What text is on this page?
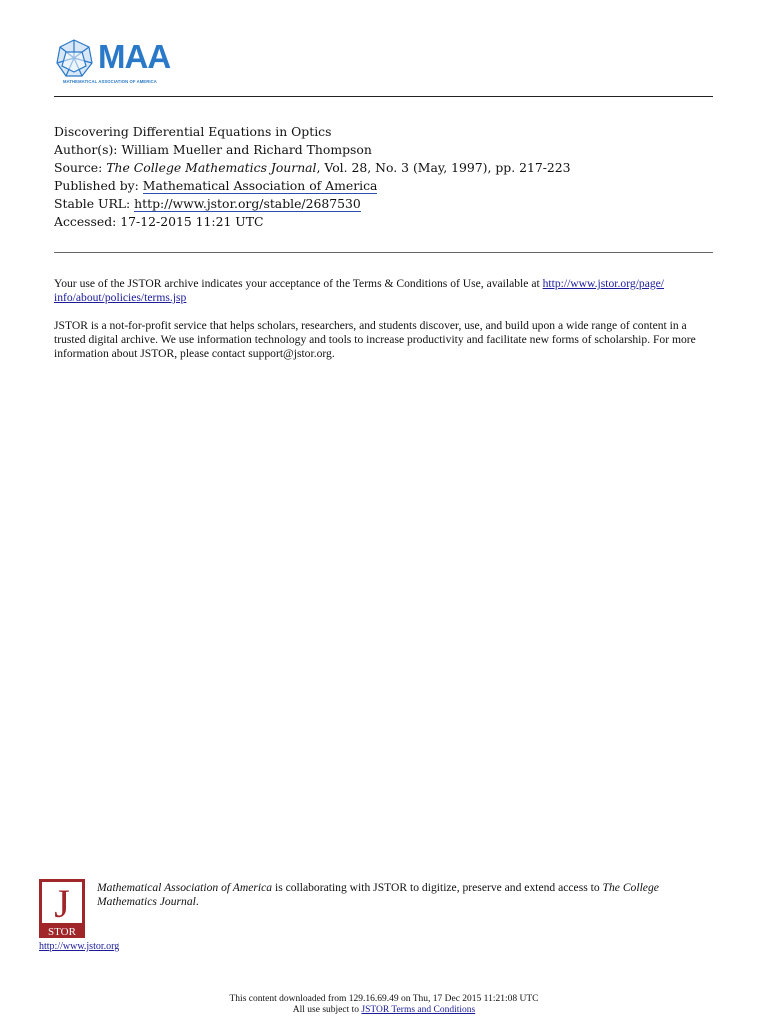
MAA
MATHEMATICAL ASSOCIATION OF AMERICA
Discovering Differential Equations in Optics
Author(s): William Mueller and Richard Thompson
Source: The College Mathematics Journal, Vol. 28, No. 3 (May, 1997), pp. 217-223
Published by: Mathematical Association of America
Stable URL: http://www.jstor.org/stable/2687530
Accessed: 17-12-2015 11:21 UTC

Your use of the JSTOR archive indicates your acceptance of the Terms & Conditions of Use, available at http://www.jstor.org/page/
info/about/policies/terms.jsp

JSTOR is a not-for-profit service that helps scholars, researchers, and students discover, use, and build upon a wide range of content in a trusted digital archive. We use information technology and tools to increase productivity and facilitate new forms of scholarship. For more information about JSTOR, please contact support@jstor.org.

J
STOR
http://www.jstor.org
Mathematical Association of America is collaborating with JSTOR to digitize, preserve and extend access to The College Mathematics Journal.
This content downloaded from 129.16.69.49 on Thu, 17 Dec 2015 11:21:08 UTC
All use subject to JSTOR Terms and Conditions
